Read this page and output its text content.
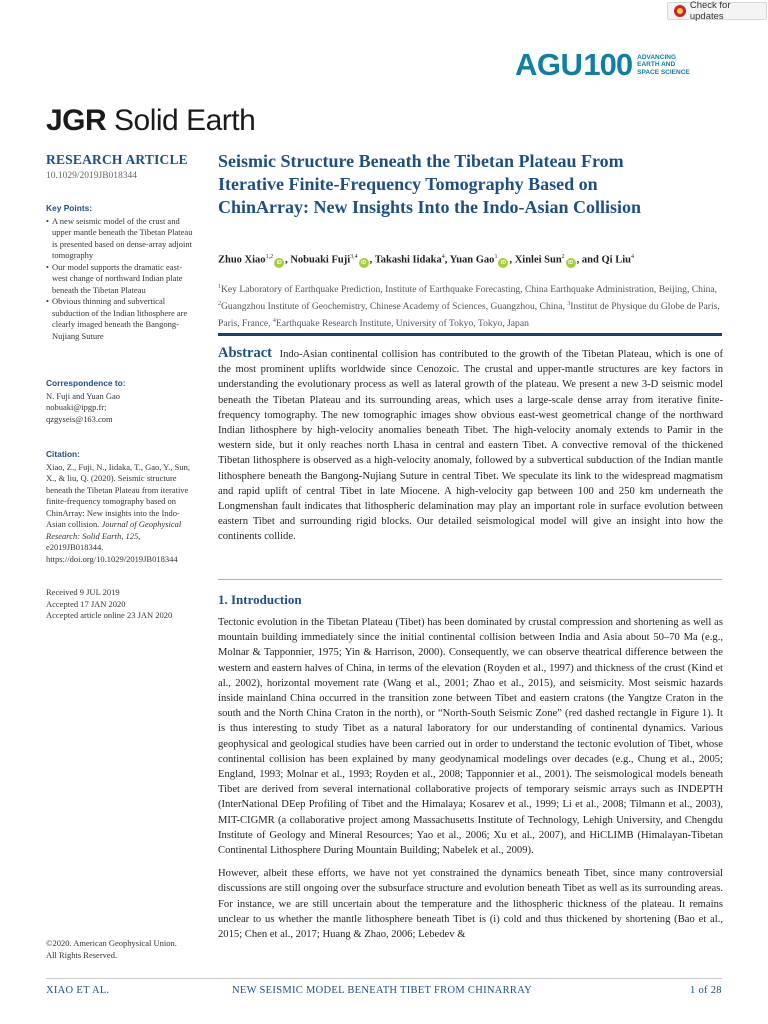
Check for updates
AGU 100 ADVANCING
EARTH AND
SPACE SCIENCE
JGR Solid Earth
RESEARCH ARTICLE
10.1029/2019JB018344
Seismic Structure Beneath the Tibetan Plateau From Iterative Finite-Frequency Tomography Based on ChinArray: New Insights Into the Indo-Asian Collision
Zhuo Xiao$^{1,2}$iD , Nobuaki Fuji$^{3,4}$iD , Takashi Iidaka$^4$, Yuan Gao$^1$iD , Xinlei Sun$^2$iD , and Qi Liu$^4$
$^1$Key Laboratory of Earthquake Prediction, Institute of Earthquake Forecasting, China Earthquake Administration, Beijing, China, $^2$Guangzhou Institute of Geochemistry, Chinese Academy of Sciences, Guangzhou, China, $^3$Institut de Physique du Globe de Paris, Paris, France, $^4$Earthquake Research Institute, University of Tokyo, Tokyo, Japan
Abstract Indo-Asian continental collision has contributed to the growth of the Tibetan Plateau, which is one of the most prominent uplifts worldwide since Cenozoic. The crustal and upper-mantle structures are key factors in understanding the evolutionary process as well as lateral growth of the plateau. We present a new 3-D seismic model beneath the Tibetan Plateau and its surrounding areas, which uses a large-scale dense array from iterative finite-frequency tomography. The new tomographic images show obvious east-west geometrical change of the northward Indian lithosphere by high-velocity anomalies beneath Tibet. The high-velocity anomaly extends to Pamir in the western side, but it only reaches north Lhasa in central and eastern Tibet. A convective removal of the thickened Tibetan lithosphere is observed as a high-velocity anomaly, followed by a subvertical subduction of the Indian mantle lithosphere beneath the Bangong-Nujiang Suture in central Tibet. We speculate its link to the widespread magmatism and rapid uplift of central Tibet in late Miocene. A high-velocity gap between 100 and 250 km underneath the Longmenshan fault indicates that lithospheric delamination may play an important role in surface evolution between eastern Tibet and surrounding rigid blocks. Our detailed seismological model will give an insight into how the continents collide.
1. Introduction

Tectonic evolution in the Tibetan Plateau (Tibet) has been dominated by crustal compression and shortening as well as mountain building immediately since the initial continental collision between India and Asia about 50–70 Ma (e.g., Molnar & Tapponnier, 1975; Yin & Harrison, 2000). Consequently, we can observe theatrical difference between the western and eastern halves of China, in terms of the elevation (Royden et al., 1997) and thickness of the crust (Kind et al., 2002), horizontal movement rate (Wang et al., 2001; Zhao et al., 2015), and seismicity. Most seismic hazards inside mainland China occurred in the transition zone between Tibet and eastern cratons (the Yangtze Craton in the south and the North China Craton in the north), or “North-South Seismic Zone” (red dashed rectangle in Figure 1). It is thus interesting to study Tibet as a natural laboratory for our understanding of continental dynamics. Various geophysical and geological studies have been carried out in order to understand the tectonic evolution of Tibet, whose continental collision has been explained by many geodynamical modelings over decades (e.g., Chung et al., 2005; England, 1993; Molnar et al., 1993; Royden et al., 2008; Tapponnier et al., 2001). The seismological models beneath Tibet are derived from several international collaborative projects of temporary seismic arrays such as INDEPTH (InterNational DEep Profiling of Tibet and the Himalaya; Kosarev et al., 1999; Li et al., 2008; Tilmann et al., 2003), MIT-CIGMR (a collaborative project among Massachusetts Institute of Technology, Lehigh University, and Chengdu Institute of Geology and Mineral Resources; Yao et al., 2006; Xu et al., 2007), and HiCLIMB (Himalayan-Tibetan Continental Lithosphere During Mountain Building; Nabelek et al., 2009).

However, albeit these efforts, we have not yet constrained the dynamics beneath Tibet, since many controversial discussions are still ongoing over the subsurface structure and evolution beneath Tibet as well as its surrounding areas. For instance, we are still uncertain about the temperature and the lithospheric thickness of the plateau. It remains unclear to us whether the mantle lithosphere beneath Tibet is (i) cold and thus thickened by shortening (Bao et al., 2015; Chen et al., 2017; Huang & Zhao, 2006; Lebedev &

Key Points:
• A new seismic model of the crust and upper mantle beneath the Tibetan Plateau is presented based on dense-array adjoint tomography
• Our model supports the dramatic east-west change of northward Indian plate beneath the Tibetan Plateau
• Obvious thinning and subvertical subduction of the Indian lithosphere are clearly imaged beneath the Bangong-Nujiang Suture
Correspondence to:
N. Fuji and Yuan Gao
nobuaki@ipgp.fr;
qzgyseis@163.com
Citation:
Xiao, Z., Fuji, N., Iidaka, T., Gao, Y., Sun, X., & liu, Q. (2020). Seismic structure beneath the Tibetan Plateau from iterative finite-frequency tomography based on ChinArray: New insights into the Indo-Asian collision. Journal of Geophysical Research: Solid Earth, 125, e2019JB018344. https://doi.org/10.1029/2019JB018344
Received 9 JUL 2019
Accepted 17 JAN 2020
Accepted article online 23 JAN 2020
©2020. American Geophysical Union.
All Rights Reserved.
XIAO ET AL.	NEW SEISMIC MODEL BENEATH TIBET FROM CHINARRAY	1 of 28
